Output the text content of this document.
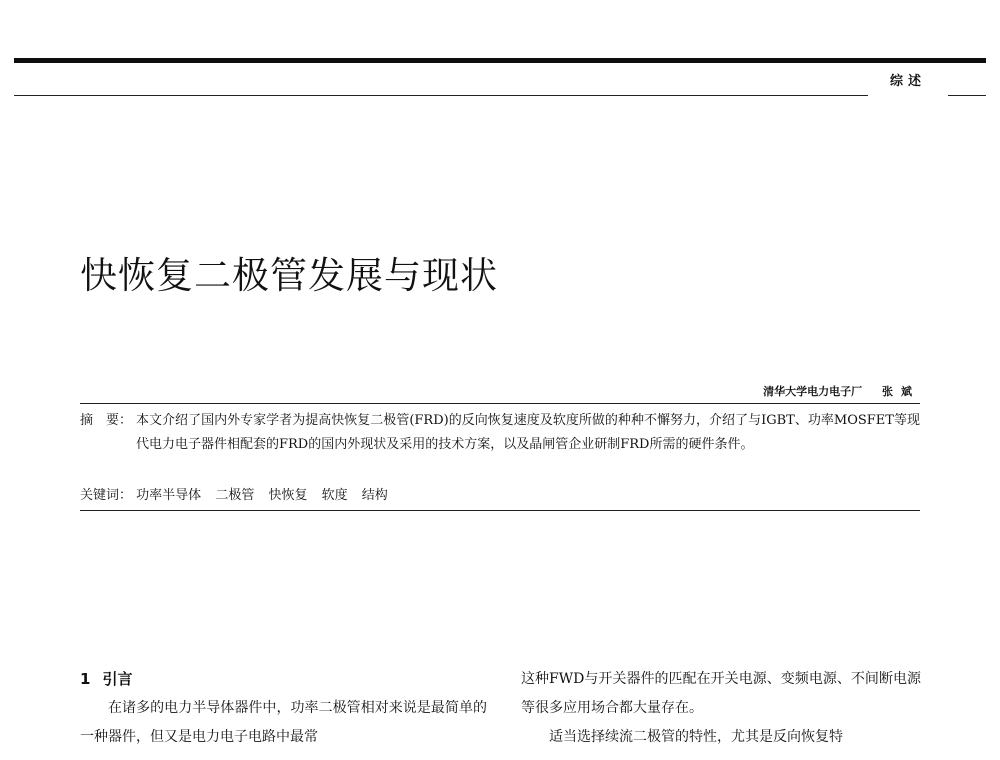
综述
快恢复二极管发展与现状
清华大学电力电子厂 张斌
摘　要： 本文介绍了国内外专家学者为提高快恢复二极管(FRD)的反向恢复速度及软度所做的种种不懈努力，介绍了与IGBT、功率MOSFET等现代电力电子器件相配套的FRD的国内外现状及采用的技术方案，以及晶闸管企业研制FRD所需的硬件条件。
关键词： 功率半导体 二极管 快恢复 软度 结构
1 引言

在诸多的电力半导体器件中，功率二极管相对来说是最简单的一种器件，但又是电力电子电路中最常

这种FWD与开关器件的匹配在开关电源、变频电源、不间断电源等很多应用场合都大量存在。

适当选择续流二极管的特性，尤其是反向恢复特
